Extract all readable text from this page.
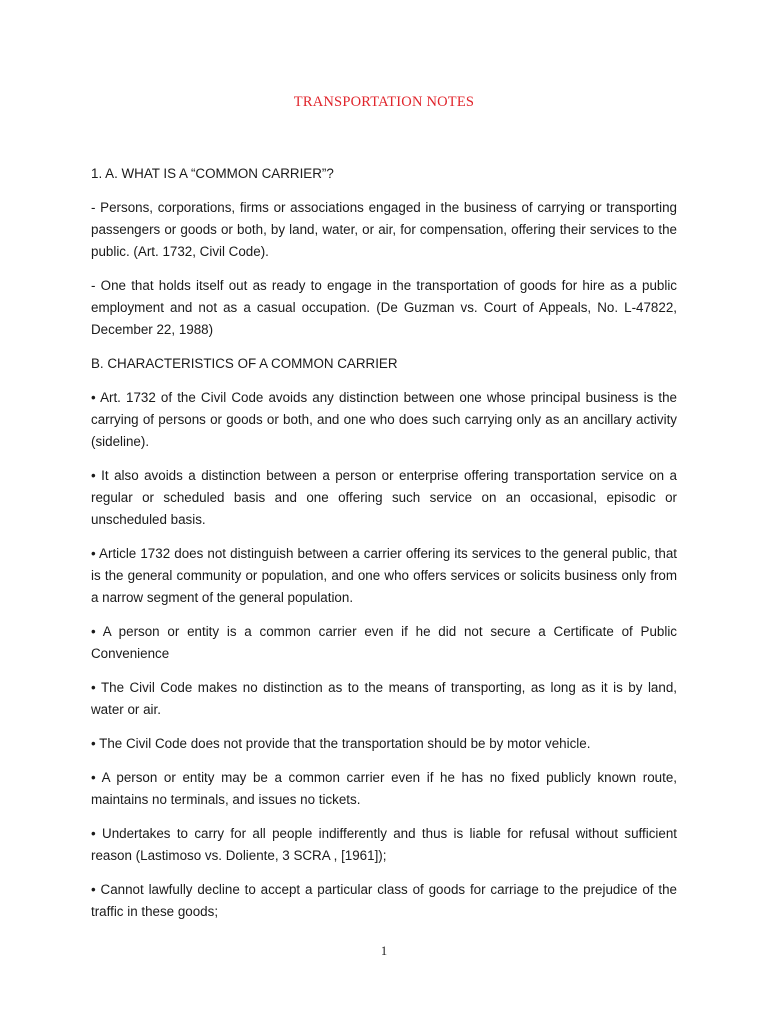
TRANSPORTATION NOTES

1. A. WHAT IS A “COMMON CARRIER”?

- Persons, corporations, firms or associations engaged in the business of carrying or transporting passengers or goods or both, by land, water, or air, for compensation, offering their services to the public. (Art. 1732, Civil Code).

- One that holds itself out as ready to engage in the transportation of goods for hire as a public employment and not as a casual occupation. (De Guzman vs. Court of Appeals, No. L-47822, December 22, 1988)

B. CHARACTERISTICS OF A COMMON CARRIER

• Art. 1732 of the Civil Code avoids any distinction between one whose principal business is the carrying of persons or goods or both, and one who does such carrying only as an ancillary activity (sideline).

• It also avoids a distinction between a person or enterprise offering transportation service on a regular or scheduled basis and one offering such service on an occasional, episodic or unscheduled basis.

• Article 1732 does not distinguish between a carrier offering its services to the general public, that is the general community or population, and one who offers services or solicits business only from a narrow segment of the general population.

• A person or entity is a common carrier even if he did not secure a Certificate of Public Convenience

• The Civil Code makes no distinction as to the means of transporting, as long as it is by land, water or air.

• The Civil Code does not provide that the transportation should be by motor vehicle.

• A person or entity may be a common carrier even if he has no fixed publicly known route, maintains no terminals, and issues no tickets.

• Undertakes to carry for all people indifferently and thus is liable for refusal without sufficient reason (Lastimoso vs. Doliente, 3 SCRA , [1961]);

• Cannot lawfully decline to accept a particular class of goods for carriage to the prejudice of the traffic in these goods;

1
